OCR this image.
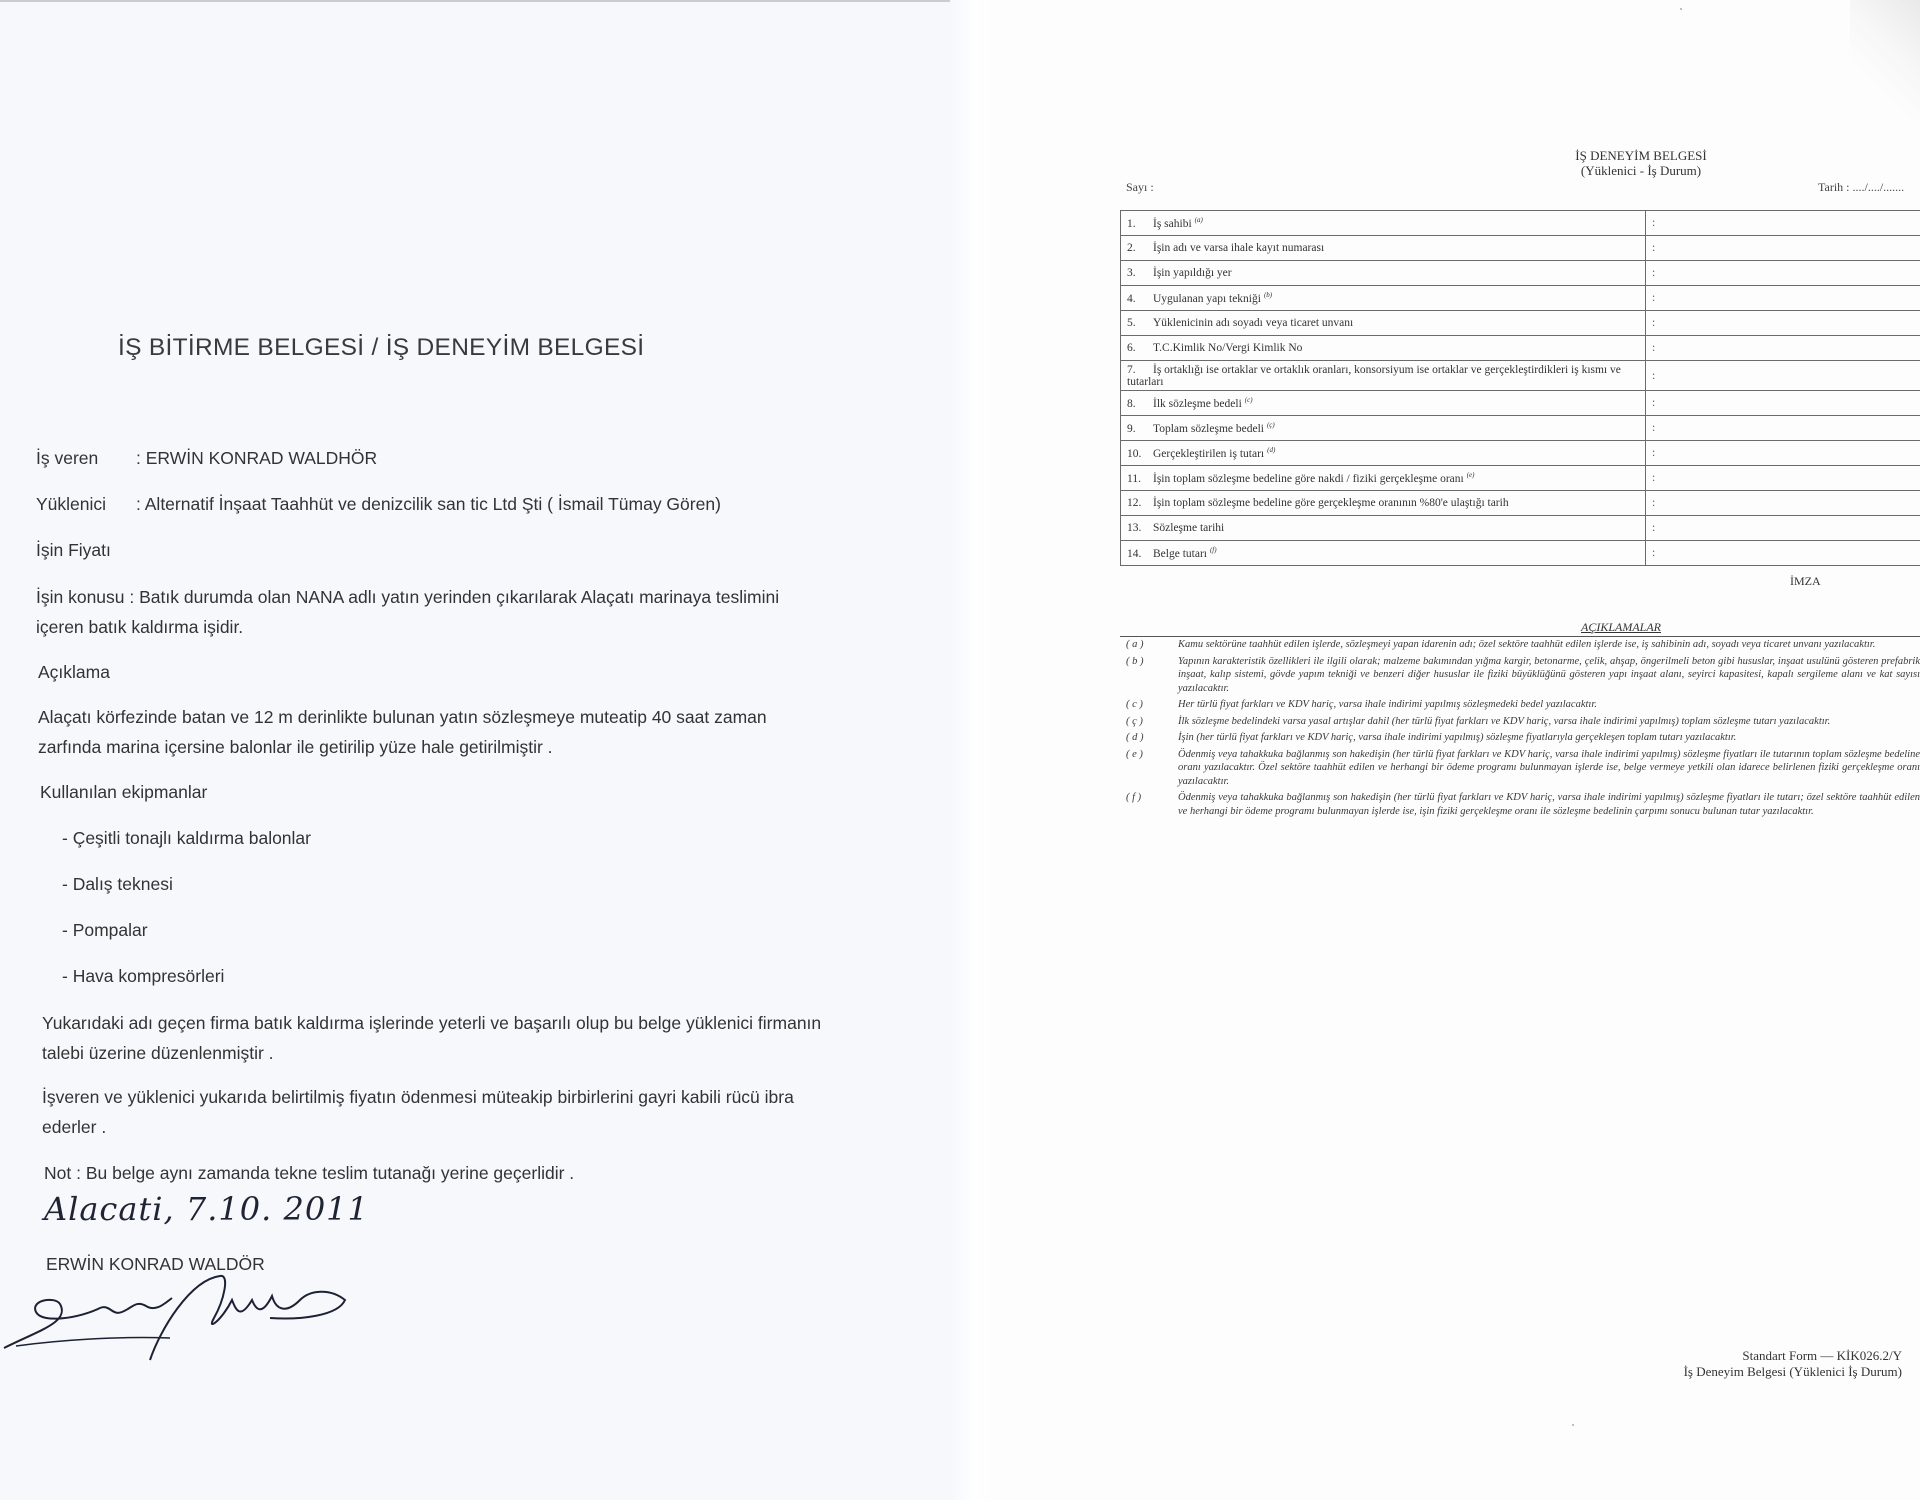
İŞ BİTİRME BELGESİ / İŞ DENEYİM BELGESİ
İş veren : ERWİN KONRAD WALDHÖR
Yüklenici : Alternatif İnşaat Taahhüt ve denizcilik san tic Ltd Şti ( İsmail Tümay Gören)
İşin Fiyatı
İşin konusu : Batık durumda olan NANA adlı yatın yerinden çıkarılarak Alaçatı marinaya teslimini içeren batık kaldırma işidir.
Açıklama
Alaçatı körfezinde batan ve 12 m derinlikte bulunan yatın sözleşmeye muteatip 40 saat zaman zarfında marina içersine balonlar ile getirilip yüze hale getirilmiştir .
Kullanılan ekipmanlar
- Çeşitli tonajlı kaldırma balonlar
- Dalış teknesi
- Pompalar
- Hava kompresörleri
Yukarıdaki adı geçen firma batık kaldırma işlerinde yeterli ve başarılı olup bu belge yüklenici firmanın talebi üzerine düzenlenmiştir .
İşveren ve yüklenici yukarıda belirtilmiş fiyatın ödenmesi müteakip birbirlerini gayri kabili rücü ibra ederler .
Not : Bu belge aynı zamanda tekne teslim tutanağı yerine geçerlidir .
Alacati, 7.10. 2011
ERWİN KONRAD WALDÖR
İŞ DENEYİM BELGESİ
(Yüklenici - İş Durum)
Sayı :	Tarih : ..../..../.......
1. İş sahibi $^{(a)}$	:
2. İşin adı ve varsa ihale kayıt numarası	:
3. İşin yapıldığı yer	:
4. Uygulanan yapı tekniği $^{(b)}$	:
5. Yüklenicinin adı soyadı veya ticaret unvanı	:
6. T.C.Kimlik No/Vergi Kimlik No	:
7. İş ortaklığı ise ortaklar ve ortaklık oranları, konsorsiyum ise ortaklar ve gerçekleştirdikleri iş kısmı ve tutarları	:
8. İlk sözleşme bedeli $^{(c)}$	:
9. Toplam sözleşme bedeli $^{(ç)}$	:
10. Gerçekleştirilen iş tutarı $^{(d)}$	:
11. İşin toplam sözleşme bedeline göre nakdi / fiziki gerçekleşme oranı $^{(e)}$	:
12. İşin toplam sözleşme bedeline göre gerçekleşme oranının %80'e ulaştığı tarih	:
13. Sözleşme tarihi	:
14. Belge tutarı $^{(f)}$	:
İMZA
AÇIKLAMALAR
( a )	Kamu sektörüne taahhüt edilen işlerde, sözleşmeyi yapan idarenin adı; özel sektöre taahhüt edilen işlerde ise, iş sahibinin adı, soyadı veya ticaret unvanı yazılacaktır.
( b )	Yapının karakteristik özellikleri ile ilgili olarak; malzeme bakımından yığma kargir, betonarme, çelik, ahşap, öngerilmeli beton gibi hususlar, inşaat usulünü gösteren prefabrik inşaat, kalıp sistemi, gövde yapım tekniği ve benzeri diğer hususlar ile fiziki büyüklüğünü gösteren yapı inşaat alanı, seyirci kapasitesi, kapalı sergileme alanı ve kat sayısı yazılacaktır.
( c )	Her türlü fiyat farkları ve KDV hariç, varsa ihale indirimi yapılmış sözleşmedeki bedel yazılacaktır.
( ç )	İlk sözleşme bedelindeki varsa yasal artışlar dahil (her türlü fiyat farkları ve KDV hariç, varsa ihale indirimi yapılmış) toplam sözleşme tutarı yazılacaktır.
( d )	İşin (her türlü fiyat farkları ve KDV hariç, varsa ihale indirimi yapılmış) sözleşme fiyatlarıyla gerçekleşen toplam tutarı yazılacaktır.
( e )	Ödenmiş veya tahakkuka bağlanmış son hakedişin (her türlü fiyat farkları ve KDV hariç, varsa ihale indirimi yapılmış) sözleşme fiyatları ile tutarının toplam sözleşme bedeline oranı yazılacaktır. Özel sektöre taahhüt edilen ve herhangi bir ödeme programı bulunmayan işlerde ise, belge vermeye yetkili olan idarece belirlenen fiziki gerçekleşme oranı yazılacaktır.
( f )	Ödenmiş veya tahakkuka bağlanmış son hakedişin (her türlü fiyat farkları ve KDV hariç, varsa ihale indirimi yapılmış) sözleşme fiyatları ile tutarı; özel sektöre taahhüt edilen ve herhangi bir ödeme programı bulunmayan işlerde ise, işin fiziki gerçekleşme oranı ile sözleşme bedelinin çarpımı sonucu bulunan tutar yazılacaktır.
Standart Form — KİK026.2/Y
İş Deneyim Belgesi (Yüklenici İş Durum)
